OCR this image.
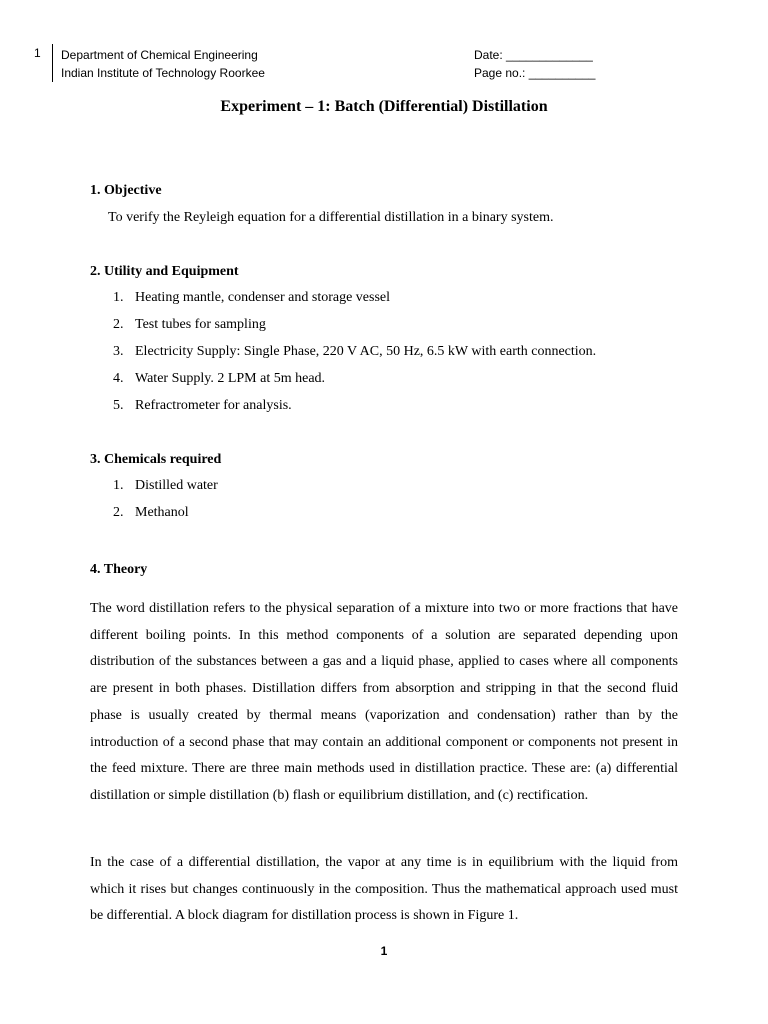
1 Department of Chemical Engineering
Indian Institute of Technology Roorkee
Date: _____________
Page no.: __________
Experiment – 1: Batch (Differential) Distillation
1. Objective
To verify the Reyleigh equation for a differential distillation in a binary system.
2. Utility and Equipment
1. Heating mantle, condenser and storage vessel
2. Test tubes for sampling
3. Electricity Supply: Single Phase, 220 V AC, 50 Hz, 6.5 kW with earth connection.
4. Water Supply. 2 LPM at 5m head.
5. Refractrometer for analysis.
3. Chemicals required
1. Distilled water
2. Methanol
4. Theory
The word distillation refers to the physical separation of a mixture into two or more fractions that have different boiling points. In this method components of a solution are separated depending upon distribution of the substances between a gas and a liquid phase, applied to cases where all components are present in both phases. Distillation differs from absorption and stripping in that the second fluid phase is usually created by thermal means (vaporization and condensation) rather than by the introduction of a second phase that may contain an additional component or components not present in the feed mixture. There are three main methods used in distillation practice. These are: (a) differential distillation or simple distillation (b) flash or equilibrium distillation, and (c) rectification.
In the case of a differential distillation, the vapor at any time is in equilibrium with the liquid from which it rises but changes continuously in the composition. Thus the mathematical approach used must be differential. A block diagram for distillation process is shown in Figure 1.
1
